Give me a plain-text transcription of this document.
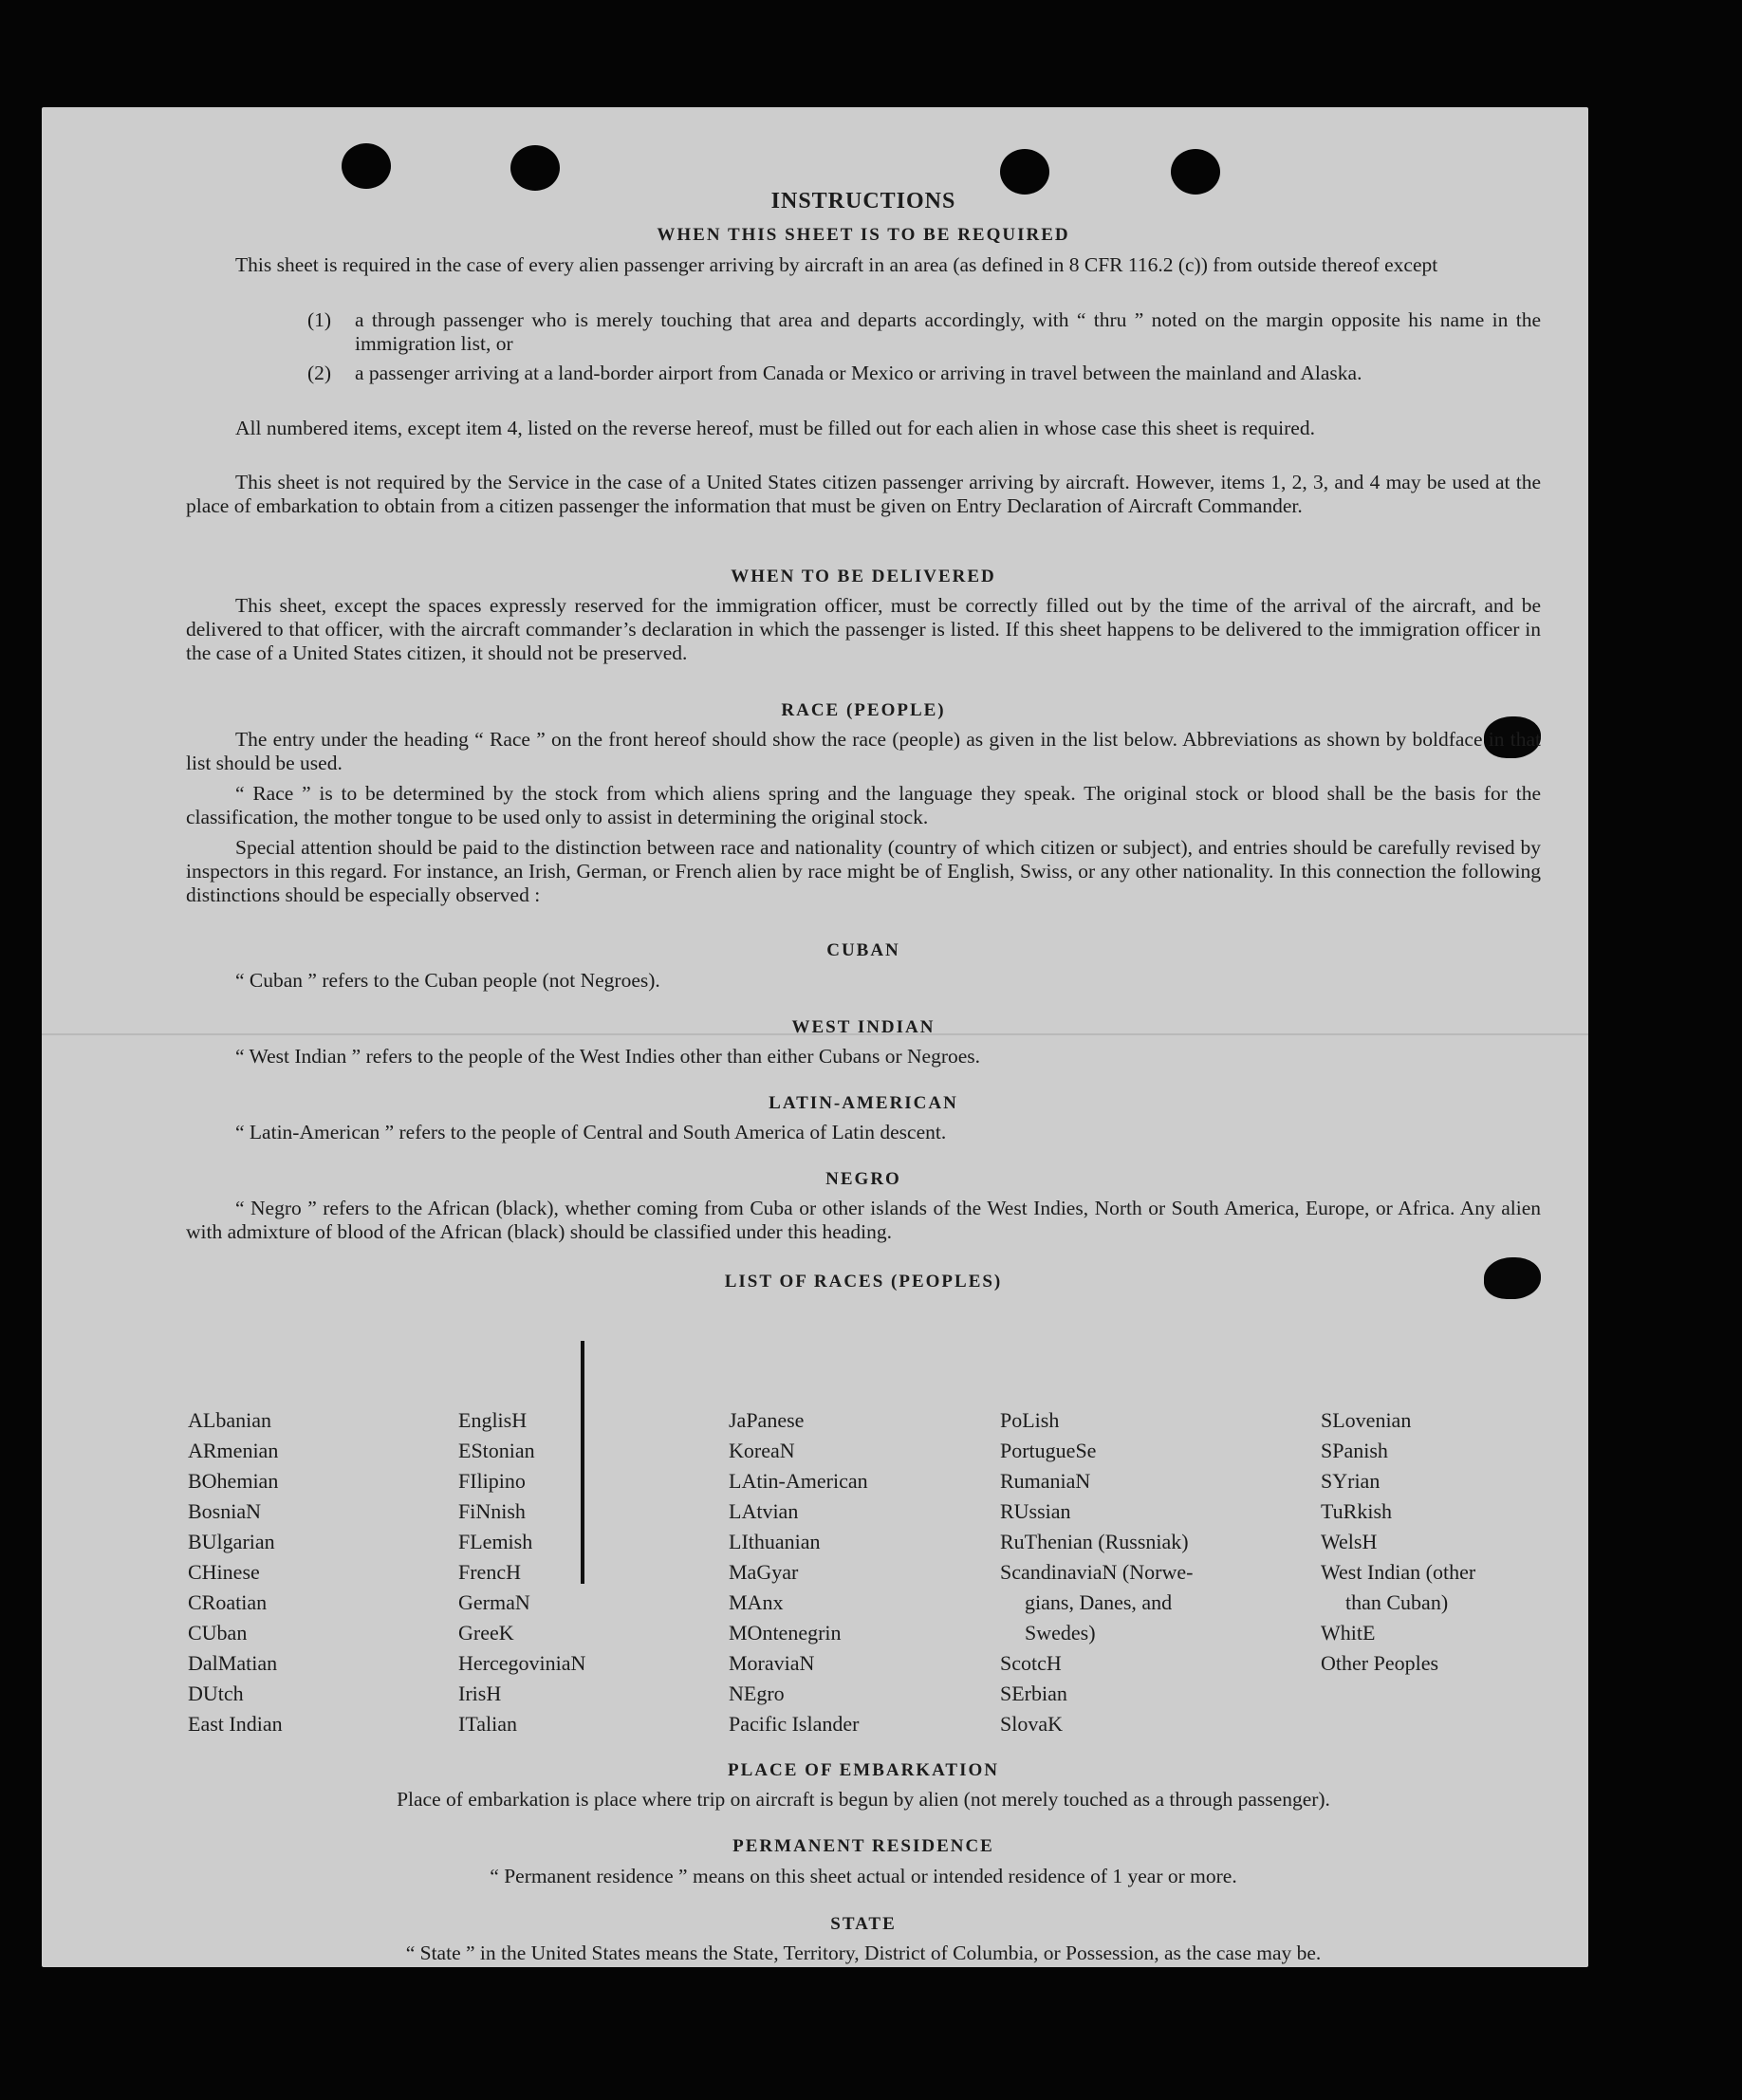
INSTRUCTIONS
WHEN THIS SHEET IS TO BE REQUIRED
This sheet is required in the case of every alien passenger arriving by aircraft in an area (as defined in 8 CFR 116.2 (c)) from outside thereof except
(1) a through passenger who is merely touching that area and departs accordingly, with “ thru ” noted on the margin opposite his name in the immigration list, or
(2) a passenger arriving at a land-border airport from Canada or Mexico or arriving in travel between the mainland and Alaska.
All numbered items, except item 4, listed on the reverse hereof, must be filled out for each alien in whose case this sheet is required.
This sheet is not required by the Service in the case of a United States citizen passenger arriving by aircraft. However, items 1, 2, 3, and 4 may be used at the place of embarkation to obtain from a citizen passenger the information that must be given on Entry Declaration of Aircraft Commander.
WHEN TO BE DELIVERED
This sheet, except the spaces expressly reserved for the immigration officer, must be correctly filled out by the time of the arrival of the aircraft, and be delivered to that officer, with the aircraft commander’s declaration in which the passenger is listed. If this sheet happens to be delivered to the immigration officer in the case of a United States citizen, it should not be preserved.
RACE (PEOPLE)
The entry under the heading “ Race ” on the front hereof should show the race (people) as given in the list below. Abbreviations as shown by boldface in that list should be used.
“ Race ” is to be determined by the stock from which aliens spring and the language they speak. The original stock or blood shall be the basis for the classification, the mother tongue to be used only to assist in determining the original stock.
Special attention should be paid to the distinction between race and nationality (country of which citizen or subject), and entries should be carefully revised by inspectors in this regard. For instance, an Irish, German, or French alien by race might be of English, Swiss, or any other nationality. In this connection the following distinctions should be especially observed :
CUBAN
“ Cuban ” refers to the Cuban people (not Negroes).
WEST INDIAN
“ West Indian ” refers to the people of the West Indies other than either Cubans or Negroes.
LATIN-AMERICAN
“ Latin-American ” refers to the people of Central and South America of Latin descent.
NEGRO
“ Negro ” refers to the African (black), whether coming from Cuba or other islands of the West Indies, North or South America, Europe, or Africa. Any alien with admixture of blood of the African (black) should be classified under this heading.
LIST OF RACES (PEOPLES)
ALbanian
ARmenian
BOhemian
BosniaN
BUlgarian
CHinese
CRoatian
CUban
DalMatian
DUtch
East Indian
EnglisH
EStonian
FIlipino
FiNnish
FLemish
FrencH
GermaN
GreeK
HercegovinіaN
IrisH
ITalian
JaPanese
KoreaN
LAtin-American
LAtvian
LIthuanian
MaGyar
MAnx
MOntenegrin
MoraviaN
NEgro
Pacific Islander
PoLish
PortugueSe
RumaniaN
RUssian
RuThenian (Russniak)
ScandinaviaN (Norwe-
gians, Danes, and
Swedes)
ScotcH
SErbian
SlovaK
SLovenian
SPanish
SYrian
TuRkish
WelsH
West Indian (other
than Cuban)
WhitE
Other Peoples
PLACE OF EMBARKATION
Place of embarkation is place where trip on aircraft is begun by alien (not merely touched as a through passenger).
PERMANENT RESIDENCE
“ Permanent residence ” means on this sheet actual or intended residence of 1 year or more.
STATE
“ State ” in the United States means the State, Territory, District of Columbia, or Possession, as the case may be.
